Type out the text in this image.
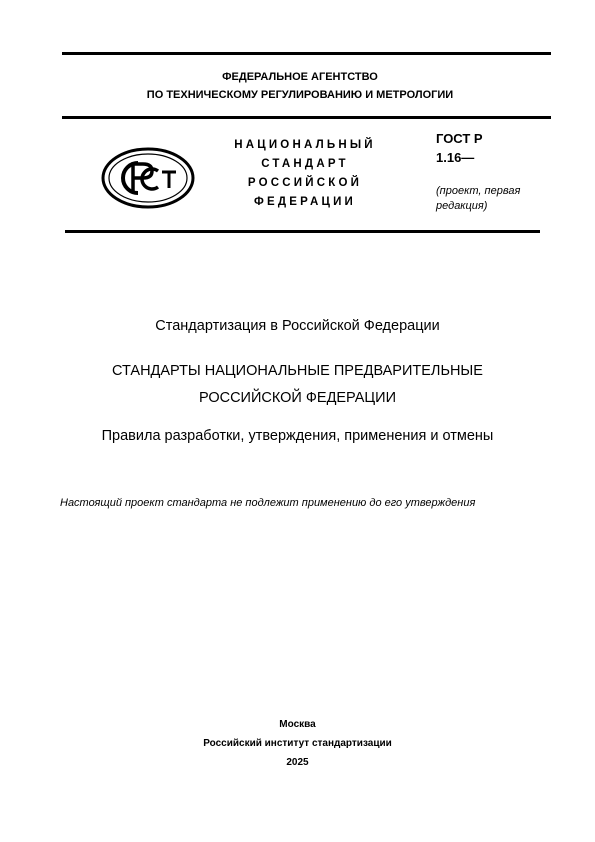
ФЕДЕРАЛЬНОЕ АГЕНТСТВО
ПО ТЕХНИЧЕСКОМУ РЕГУЛИРОВАНИЮ И МЕТРОЛОГИИ
НАЦИОНАЛЬНЫЙ
СТАНДАРТ
РОССИЙСКОЙ
ФЕДЕРАЦИИ
ГОСТ Р
1.16—
(проект, первая
редакция)
Стандартизация в Российской Федерации
СТАНДАРТЫ НАЦИОНАЛЬНЫЕ ПРЕДВАРИТЕЛЬНЫЕ
РОССИЙСКОЙ ФЕДЕРАЦИИ
Правила разработки, утверждения, применения и отмены
Настоящий проект стандарта не подлежит применению до его утверждения
Москва
Российский институт стандартизации
2025
